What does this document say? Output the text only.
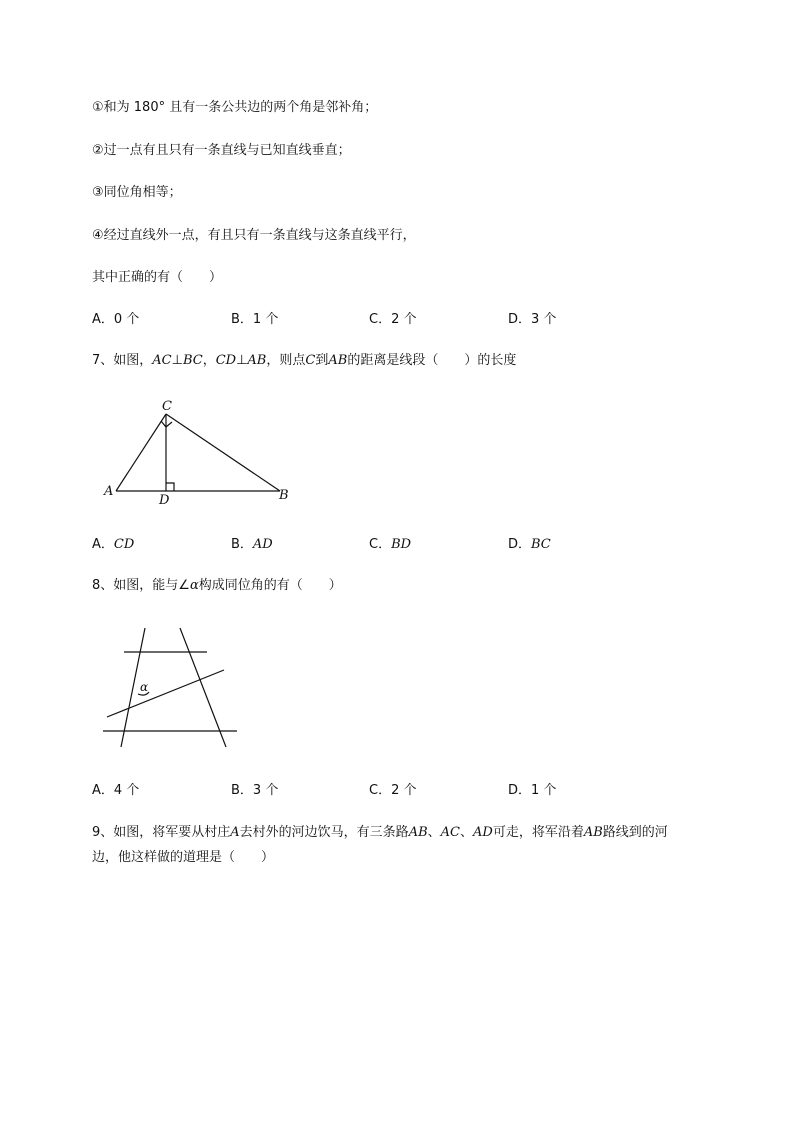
①和为 180° 且有一条公共边的两个角是邻补角；
②过一点有且只有一条直线与已知直线垂直；
③同位角相等；
④经过直线外一点，有且只有一条直线与这条直线平行，
其中正确的有（　　）
A．0 个	B．1 个	C．2 个	D．3 个
7、如图，AC⊥BC，CD⊥AB，则点C到AB的距离是线段（　　）的长度
C
A
D	B
A．CD	B．AD	C．BD	D．BC
8、如图，能与∠α构成同位角的有（　　）
α
A．4 个	B．3 个	C．2 个	D．1 个
9、如图，将军要从村庄A去村外的河边饮马，有三条路AB、AC、AD可走，将军沿着AB路线到的河
边，他这样做的道理是（　　）
